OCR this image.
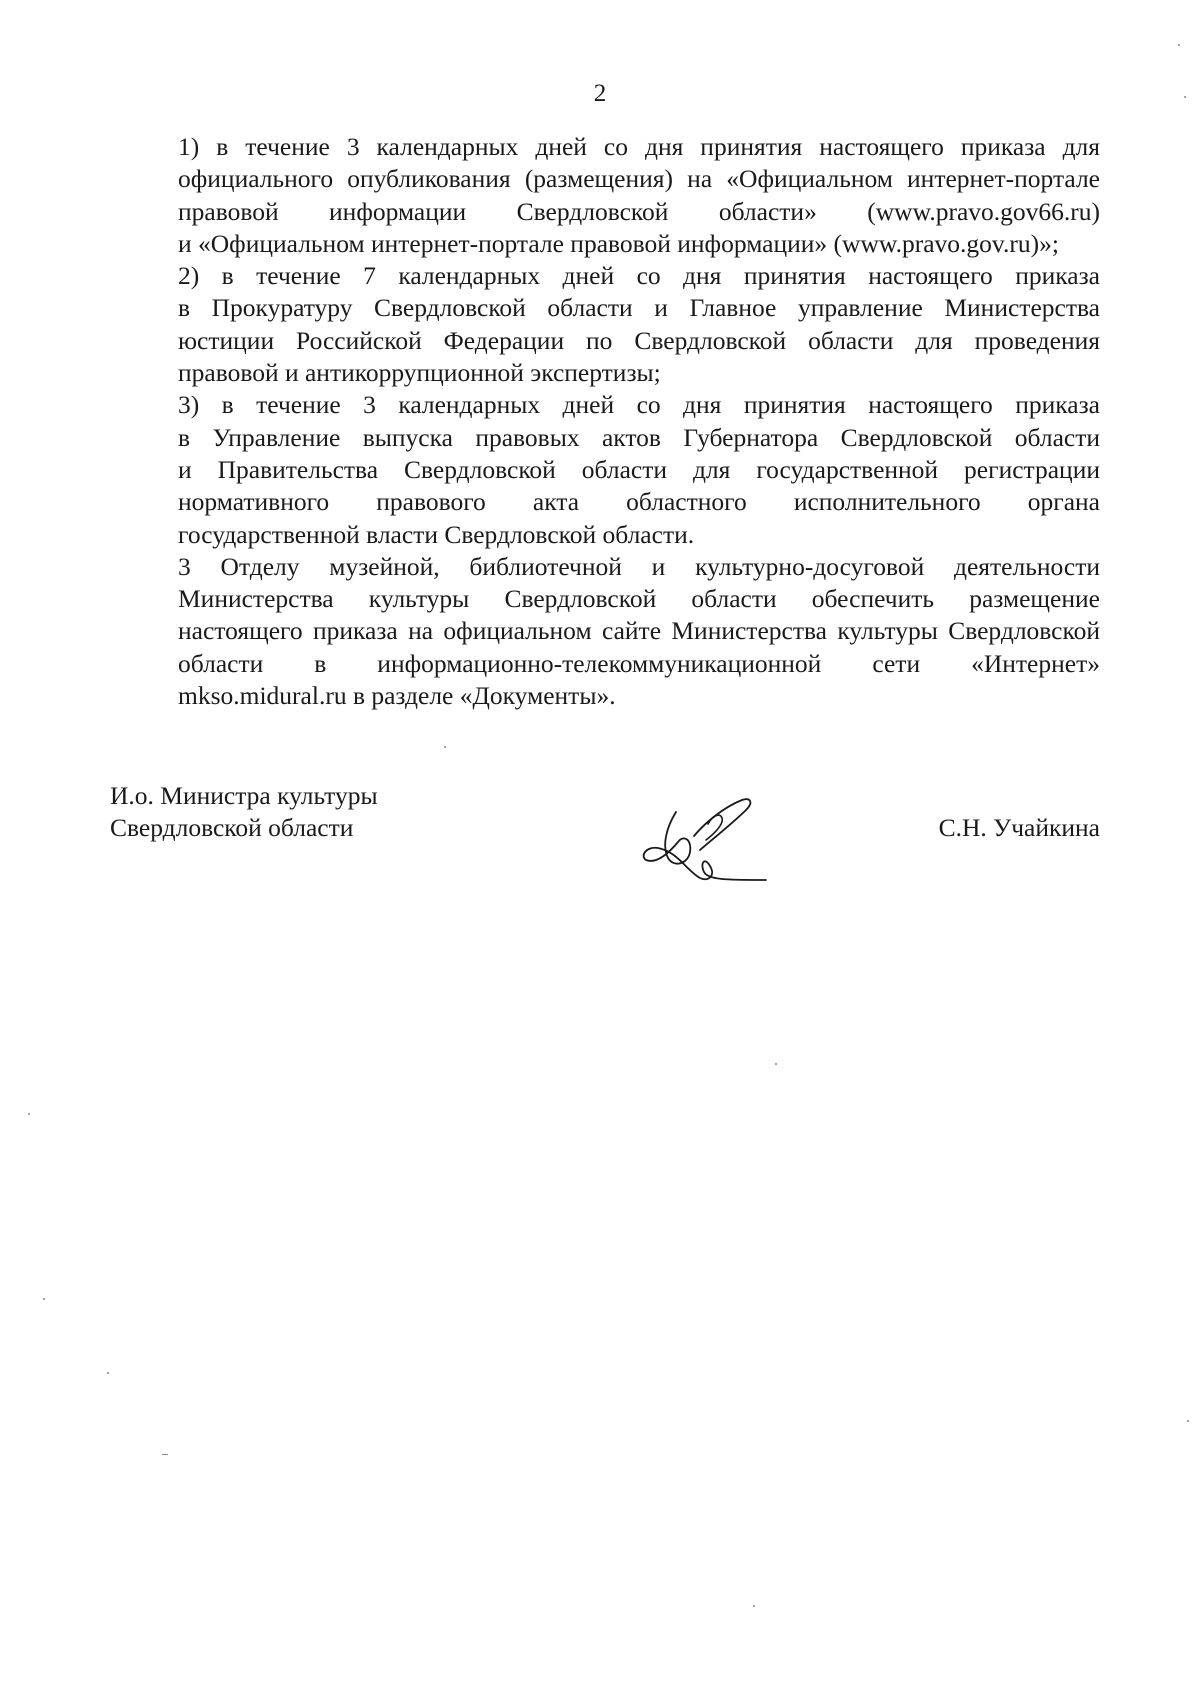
2

1) в течение 3 календарных дней со дня принятия настоящего приказа для
официального опубликования (размещения) на «Официальном интернет-портале
правовой информации Свердловской области» (www.pravo.gov66.ru)
и «Официальном интернет-портале правовой информации» (www.pravo.gov.ru)»;

2) в течение 7 календарных дней со дня принятия настоящего приказа
в Прокуратуру Свердловской области и Главное управление Министерства
юстиции Российской Федерации по Свердловской области для проведения
правовой и антикоррупционной экспертизы;

3) в течение 3 календарных дней со дня принятия настоящего приказа
в Управление выпуска правовых актов Губернатора Свердловской области
и Правительства Свердловской области для государственной регистрации
нормативного правового акта областного исполнительного органа
государственной власти Свердловской области.

3 Отделу музейной, библиотечной и культурно-досуговой деятельности
Министерства культуры Свердловской области обеспечить размещение
настоящего приказа на официальном сайте Министерства культуры Свердловской
области в информационно-телекоммуникационной сети «Интернет»
mkso.midural.ru в разделе «Документы».

И.о. Министра культуры
Свердловской области	С.Н. Учайкина
